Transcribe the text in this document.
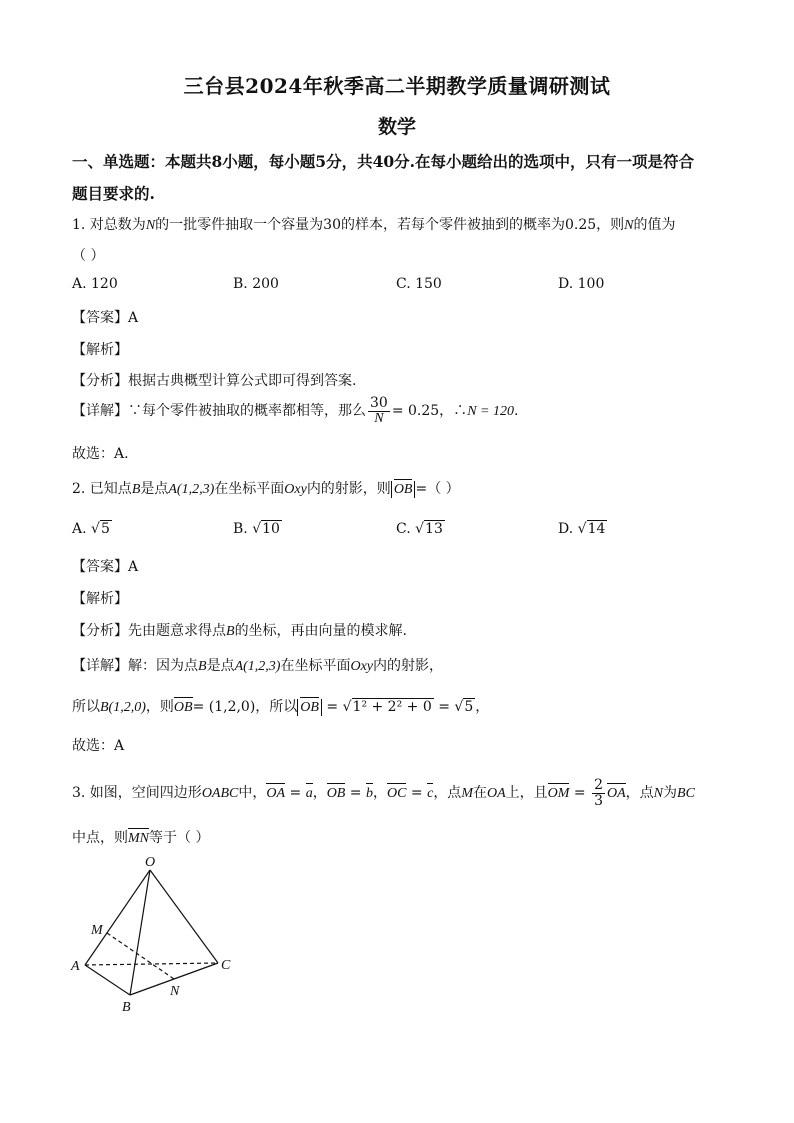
三台县2024年秋季高二半期教学质量调研测试
数学
一、单选题：本题共8小题，每小题5分，共40分.在每小题给出的选项中，只有一项是符合
题目要求的.
1. 对总数为N的一批零件抽取一个容量为30的样本，若每个零件被抽到的概率为0.25，则N的值为
（ ）
A. 120	B. 200	C. 150	D. 100
【答案】A
【解析】
【分析】根据古典概型计算公式即可得到答案.
【详解】∵每个零件被抽取的概率都相等，那么 $\frac{30}{N} = 0.25$，∴N = 120.
故选：A.
2. 已知点B是点A(1,2,3)在坐标平面Oxy内的射影，则 OB =（ ）
A. √5	B. √10	C. √13	D. √14
【答案】A
【解析】
【分析】先由题意求得点B的坐标，再由向量的模求解.
【详解】解：因为点B是点A(1,2,3)在坐标平面Oxy内的射影，
所以B(1,2,0)，则OB= (1,2,0)，所以 OB = √1² + 2² + 0 = √5 ，
故选：A
3. 如图，空间四边形OABC中，OA = a，OB = b，OC = c，点M在OA上，且OM = $\frac{2}{3}$ OA，点N为BC
中点，则MN等于（ ）
O
M
A	C
N
B
